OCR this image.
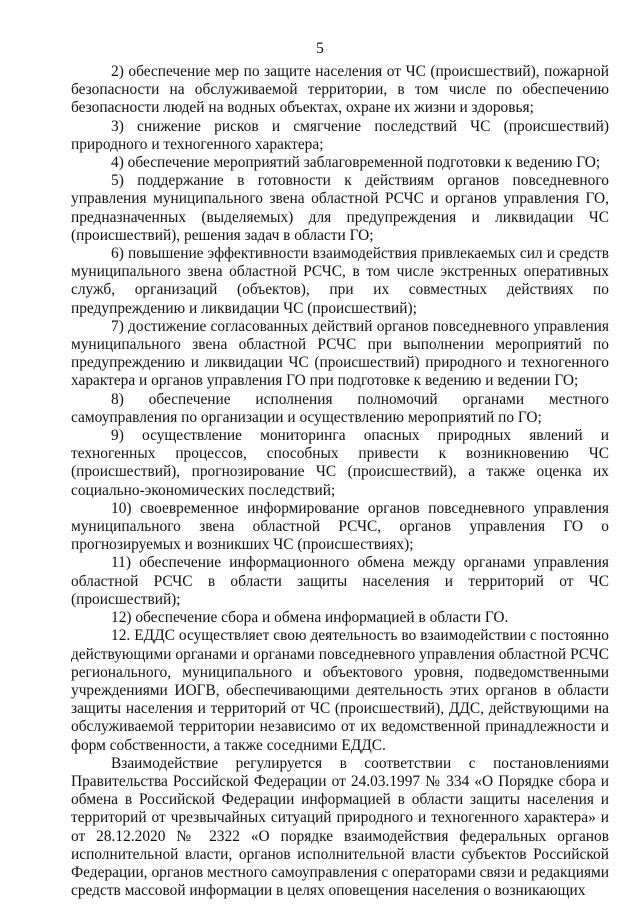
5

2) обеспечение мер по защите населения от ЧС (происшествий), пожарной безопасности на обслуживаемой территории, в том числе по обеспечению безопасности людей на водных объектах, охране их жизни и здоровья;

3) снижение рисков и смягчение последствий ЧС (происшествий) природного и техногенного характера;

4) обеспечение мероприятий заблаговременной подготовки к ведению ГО;

5) поддержание в готовности к действиям органов повседневного управления муниципального звена областной РСЧС и органов управления ГО, предназначенных (выделяемых) для предупреждения и ликвидации ЧС (происшествий), решения задач в области ГО;

6) повышение эффективности взаимодействия привлекаемых сил и средств муниципального звена областной РСЧС, в том числе экстренных оперативных служб, организаций (объектов), при их совместных действиях по предупреждению и ликвидации ЧС (происшествий);

7) достижение согласованных действий органов повседневного управления муниципального звена областной РСЧС при выполнении мероприятий по предупреждению и ликвидации ЧС (происшествий) природного и техногенного характера и органов управления ГО при подготовке к ведению и ведении ГО;

8) обеспечение исполнения полномочий органами местного самоуправления по организации и осуществлению мероприятий по ГО;

9) осуществление мониторинга опасных природных явлений и техногенных процессов, способных привести к возникновению ЧС (происшествий), прогнозирование ЧС (происшествий), а также оценка их социально-экономических последствий;

10) своевременное информирование органов повседневного управления муниципального звена областной РСЧС, органов управления ГО о прогнозируемых и возникших ЧС (происшествиях);

11) обеспечение информационного обмена между органами управления областной РСЧС в области защиты населения и территорий от ЧС (происшествий);

12) обеспечение сбора и обмена информацией в области ГО.

12. ЕДДС осуществляет свою деятельность во взаимодействии с постоянно действующими органами и органами повседневного управления областной РСЧС регионального, муниципального и объектового уровня, подведомственными учреждениями ИОГВ, обеспечивающими деятельность этих органов в области защиты населения и территорий от ЧС (происшествий), ДДС, действующими на обслуживаемой территории независимо от их ведомственной принадлежности и форм собственности, а также соседними ЕДДС.

Взаимодействие регулируется в соответствии с постановлениями Правительства Российской Федерации от 24.03.1997 № 334 «О Порядке сбора и обмена в Российской Федерации информацией в области защиты населения и территорий от чрезвычайных ситуаций природного и техногенного характера» и от 28.12.2020 № 2322 «О порядке взаимодействия федеральных органов исполнительной власти, органов исполнительной власти субъектов Российской Федерации, органов местного самоуправления с операторами связи и редакциями средств массовой информации в целях оповещения населения о возникающих
